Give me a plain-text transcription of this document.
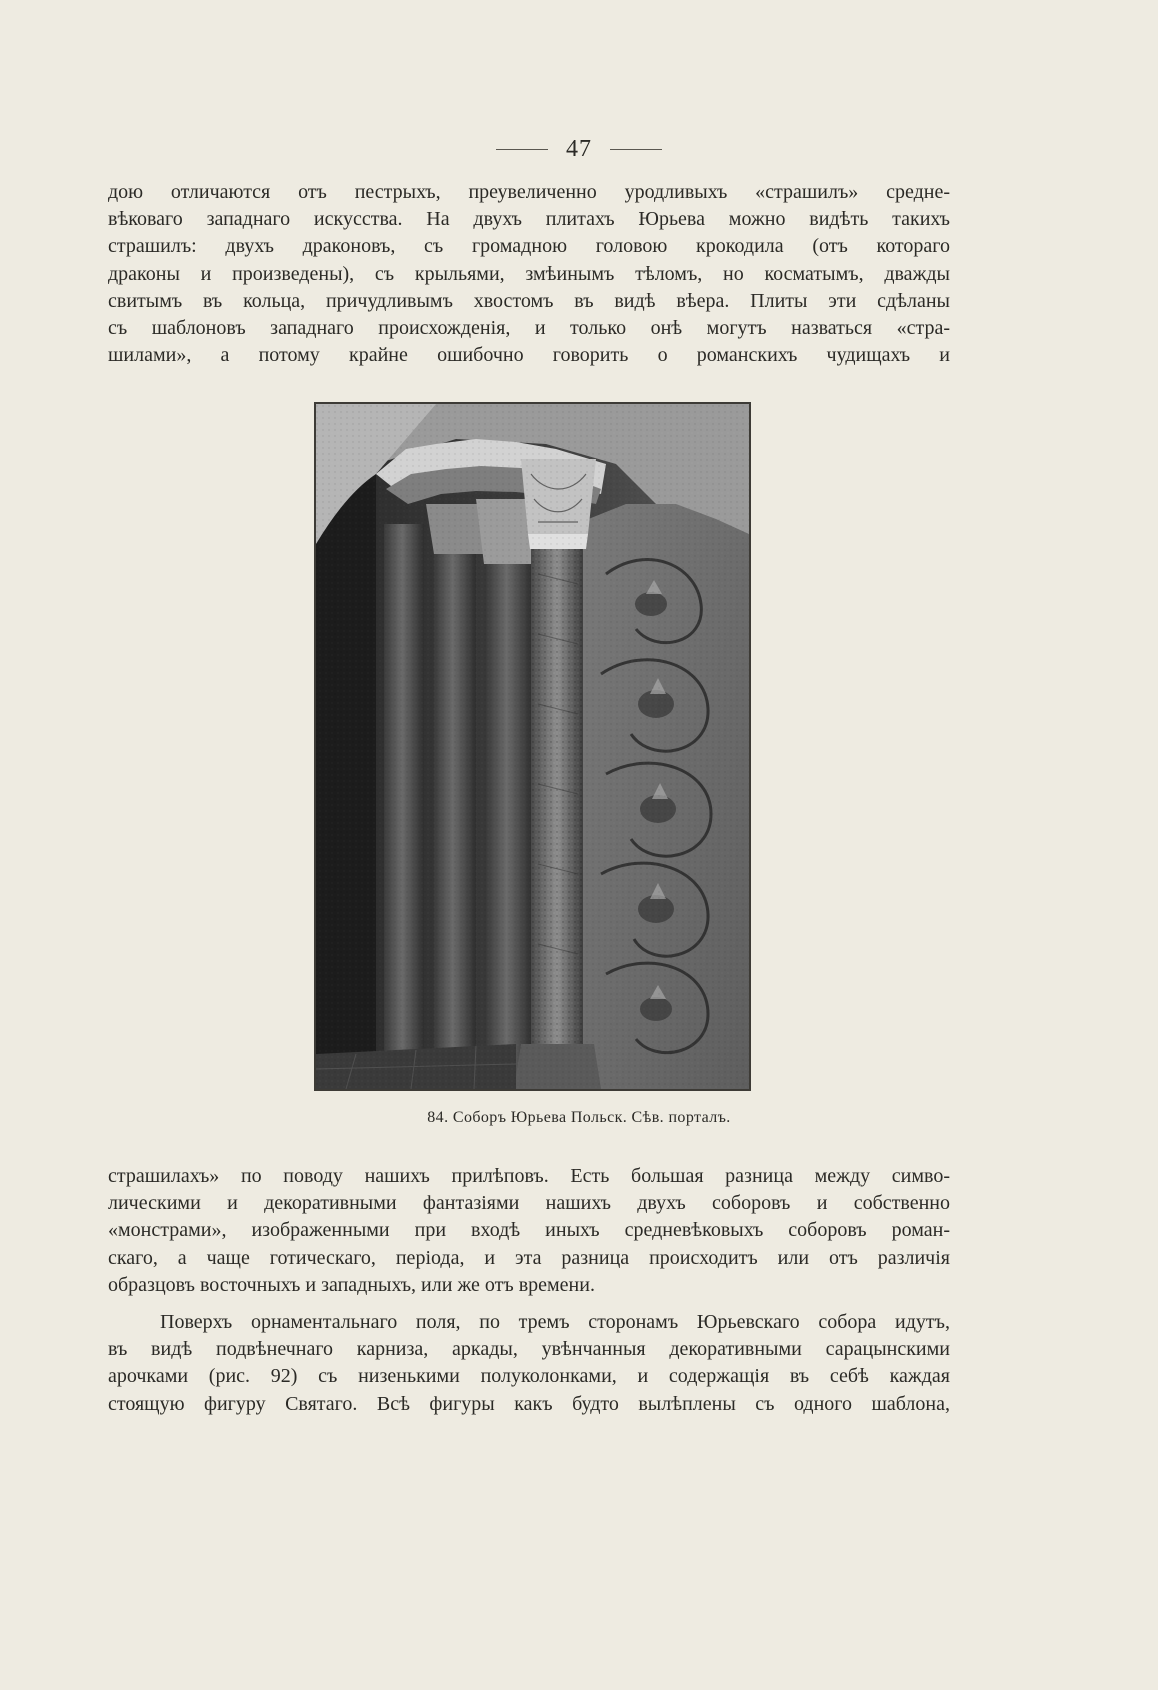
47
дою отличаются отъ пестрыхъ, преувеличенно уродливыхъ «страшилъ» средне-
вѣковаго западнаго искусства. На двухъ плитахъ Юрьева можно видѣть такихъ
страшилъ: двухъ драконовъ, съ громадною головою крокодила (отъ котораго
драконы и произведены), съ крыльями, змѣинымъ тѣломъ, но косматымъ, дважды
свитымъ въ кольца, причудливымъ хвостомъ въ видѣ вѣера. Плиты эти сдѣланы
съ шаблоновъ западнаго происхожденія, и только онѣ могутъ назваться «стра-
шилами», а потому крайне ошибочно говорить о романскихъ чудищахъ и
84. Соборъ Юрьева Польск. Сѣв. порталъ.
страшилахъ» по поводу нашихъ прилѣповъ. Есть большая разница между симво-
лическими и декоративными фантазіями нашихъ двухъ соборовъ и собственно
«монстрами», изображенными при входѣ иныхъ средневѣковыхъ соборовъ роман-
скаго, а чаще готическаго, періода, и эта разница происходитъ или отъ различія
образцовъ восточныхъ и западныхъ, или же отъ времени.
Поверхъ орнаментальнаго поля, по тремъ сторонамъ Юрьевскаго собора идутъ,
въ видѣ подвѣнечнаго карниза, аркады, увѣнчанныя декоративными сарацынскими
арочками (рис. 92) съ низенькими полуколонками, и содержащія въ себѣ каждая
стоящую фигуру Святаго. Всѣ фигуры какъ будто вылѣплены съ одного шаблона,
